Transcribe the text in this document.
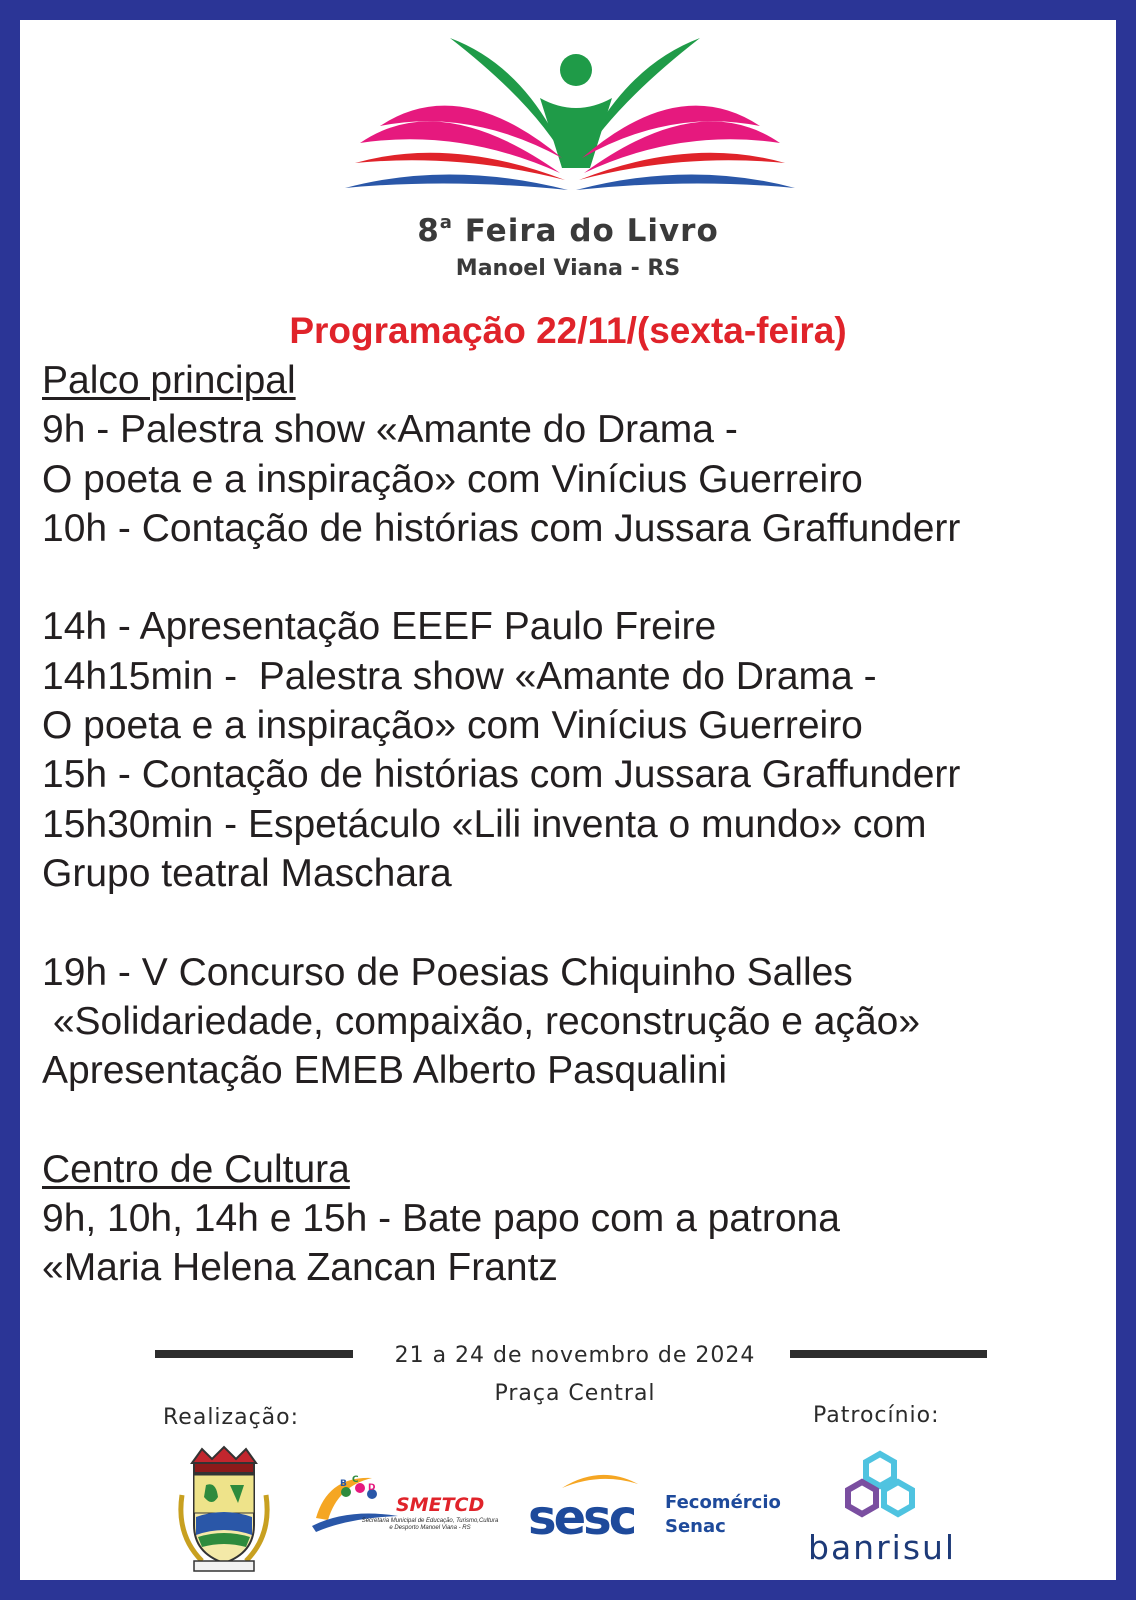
8$^a$ Feira do Livro
Manoel Viana - RS
Programação 22/11/(sexta-feira)
Palco principal
9h - Palestra show «Amante do Drama -
O poeta e a inspiração» com Vinícius Guerreiro
10h - Contação de histórias com Jussara Graffunderr
14h - Apresentação EEEF Paulo Freire
14h15min -  Palestra show «Amante do Drama -
O poeta e a inspiração» com Vinícius Guerreiro
15h - Contação de histórias com Jussara Graffunderr
15h30min - Espetáculo «Lili inventa o mundo» com
Grupo teatral Maschara
19h - V Concurso de Poesias Chiquinho Salles
«Solidariedade, compaixão, reconstrução e ação»
Apresentação EMEB Alberto Pasqualini
Centro de Cultura
9h, 10h, 14h e 15h - Bate papo com a patrona
«Maria Helena Zancan Frantz
21 a 24 de novembro de 2024
Praça Central
Realização:	Patrocínio:
B C
D
SMETCD
Secretaria Municipal de Educação, Turismo,Cultura e Desporto Manoel Viana - RS	sesc Fecomércio
Senac
banrisul
